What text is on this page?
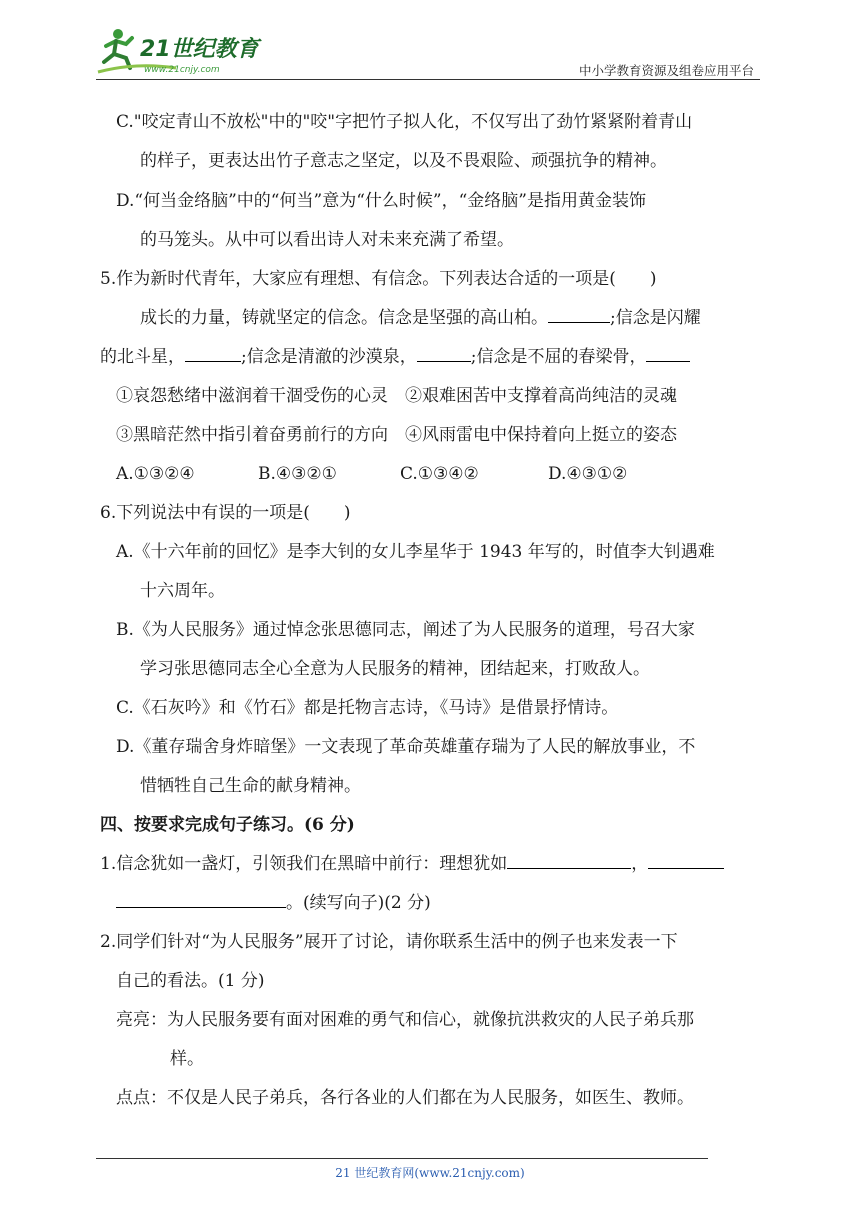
21世纪教育
www.21cnjy.com	中小学教育资源及组卷应用平台
C."咬定青山不放松"中的"咬"字把竹子拟人化，不仅写出了劲竹紧紧附着青山
的样子，更表达出竹子意志之坚定，以及不畏艰险、顽强抗争的精神。
D.“何当金络脑”中的“何当”意为“什么时候”，“金络脑”是指用黄金装饰
的马笼头。从中可以看出诗人对未来充满了希望。
5.作为新时代青年，大家应有理想、有信念。下列表达合适的一项是(　　)
成长的力量，铸就坚定的信念。信念是坚强的高山柏。	;信念是闪耀
的北斗星，	;信念是清澈的沙漠泉，	;信念是不屈的春梁骨，
①哀怨愁绪中滋润着干涸受伤的心灵　②艰难困苦中支撑着高尚纯洁的灵魂
③黑暗茫然中指引着奋勇前行的方向　④风雨雷电中保持着向上挺立的姿态
A.①③②④	B.④③②①	C.①③④②	D.④③①②
6.下列说法中有误的一项是(　　)
A.《十六年前的回忆》是李大钊的女儿李星华于 1943 年写的，时值李大钊遇难
十六周年。
B.《为人民服务》通过悼念张思德同志，阐述了为人民服务的道理，号召大家
学习张思德同志全心全意为人民服务的精神，团结起来，打败敌人。
C.《石灰吟》和《竹石》都是托物言志诗，《马诗》是借景抒情诗。
D.《董存瑞舍身炸暗堡》一文表现了革命英雄董存瑞为了人民的解放事业，不
惜牺牲自己生命的献身精神。
四、按要求完成句子练习。(6 分)
1.信念犹如一盏灯，引领我们在黑暗中前行：理想犹如	，
。(续写向子)(2 分)
2.同学们针对“为人民服务”展开了讨论，请你联系生活中的例子也来发表一下
自己的看法。(1 分)
亮亮：为人民服务要有面对困难的勇气和信心，就像抗洪救灾的人民子弟兵那
样。
点点：不仅是人民子弟兵，各行各业的人们都在为人民服务，如医生、教师。
21 世纪教育网(www.21cnjy.com)
